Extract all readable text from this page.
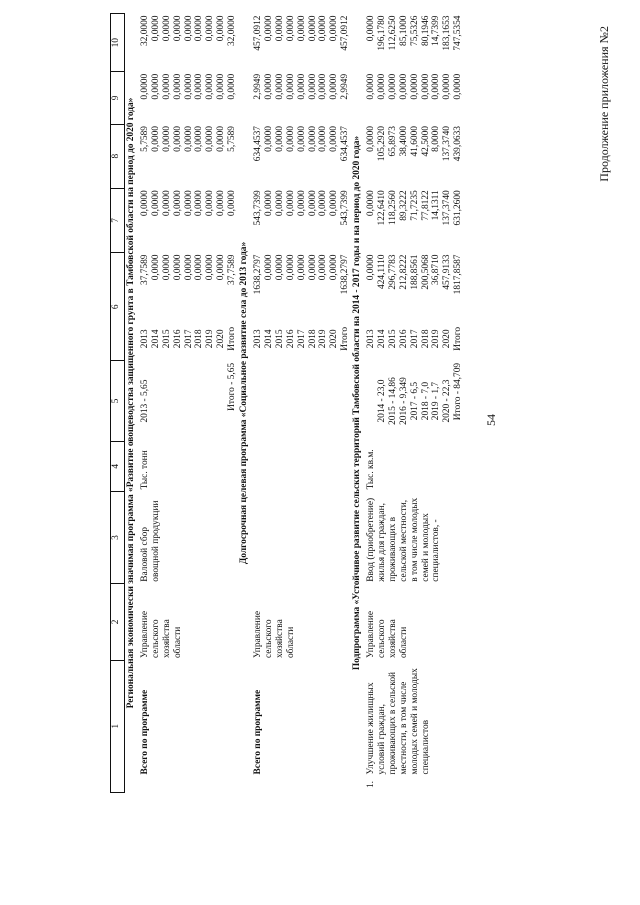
54
Продолжение приложения №2
1		2	3	4	5	6		7	8	9	10
Региональная экономически значимая программа «Развитие овощеводства защищенного грунта в Тамбовской области на период до 2020 года»											
	Всего по программе	Управление сельского хозяйства области	Валовой сбор овощной продукции	Тыс. тонн	2013 - 5,65	2013	37,7589	0,0000	5,7589	0,0000	32,0000
						2014	0,0000	0,0000	0,0000	0,0000	0,0000
						2015	0,0000	0,0000	0,0000	0,0000	0,0000
						2016	0,0000	0,0000	0,0000	0,0000	0,0000
						2017	0,0000	0,0000	0,0000	0,0000	0,0000
						2018	0,0000	0,0000	0,0000	0,0000	0,0000
						2019	0,0000	0,0000	0,0000	0,0000	0,0000
						2020	0,0000	0,0000	0,0000	0,0000	0,0000
					Итого - 5,65	Итого	37,7589	0,0000	5,7589	0,0000	32,0000
Долгосрочная целевая программа «Социальное развитие села до 2013 года»											
	Всего по программе	Управление сельского хозяйства области				2013	1638,2797	543,7399	634,4537	2,9949	457,0912
						2014	0,0000	0,0000	0,0000	0,0000	0,0000
						2015	0,0000	0,0000	0,0000	0,0000	0,0000
						2016	0,0000	0,0000	0,0000	0,0000	0,0000
						2017	0,0000	0,0000	0,0000	0,0000	0,0000
						2018	0,0000	0,0000	0,0000	0,0000	0,0000
						2019	0,0000	0,0000	0,0000	0,0000	0,0000
						2020	0,0000	0,0000	0,0000	0,0000	0,0000
						Итого	1638,2797	543,7399	634,4537	2,9949	457,0912
Подпрограмма «Устойчивое развитие сельских территорий Тамбовской области на 2014 - 2017 годы и на период до 2020 года»											
1.	Улучшение жилищных условий граждан, проживающих в сельской местности, в том числе молодых семей и молодых специалистов	Управление сельского хозяйства области	Ввод (приобретение) жилья для граждан, проживающих в сельской местности, в том числе молодых семей и молодых специалистов, -	Тыс. кв.м.		2013	0,0000	0,0000	0,0000	0,0000	0,0000
					2014 - 23,0	2014	424,1110	122,6410	105,2920	0,0000	196,1780
					2015 - 14,86	2015	296,7783	118,2560	65,8973	0,0000	112,6250
					2016 - 9,349	2016	212,8222	89,3222	38,4000	0,0000	85,1000
					2017 - 6,5	2017	188,8561	71,7235	41,6000	0,0000	75,5326
					2018 - 7,0	2018	200,5068	77,8122	42,5000	0,0000	80,1946
					2019 - 1,7	2019	36,8710	14,1311	8,0000	0,0000	14,7399
					2020 - 22,3	2020	457,9133	137,3740	137,3740	0,0000	183,1653
					Итого - 84,709	Итого	1817,8587	631,2600	439,0633	0,0000	747,5354
